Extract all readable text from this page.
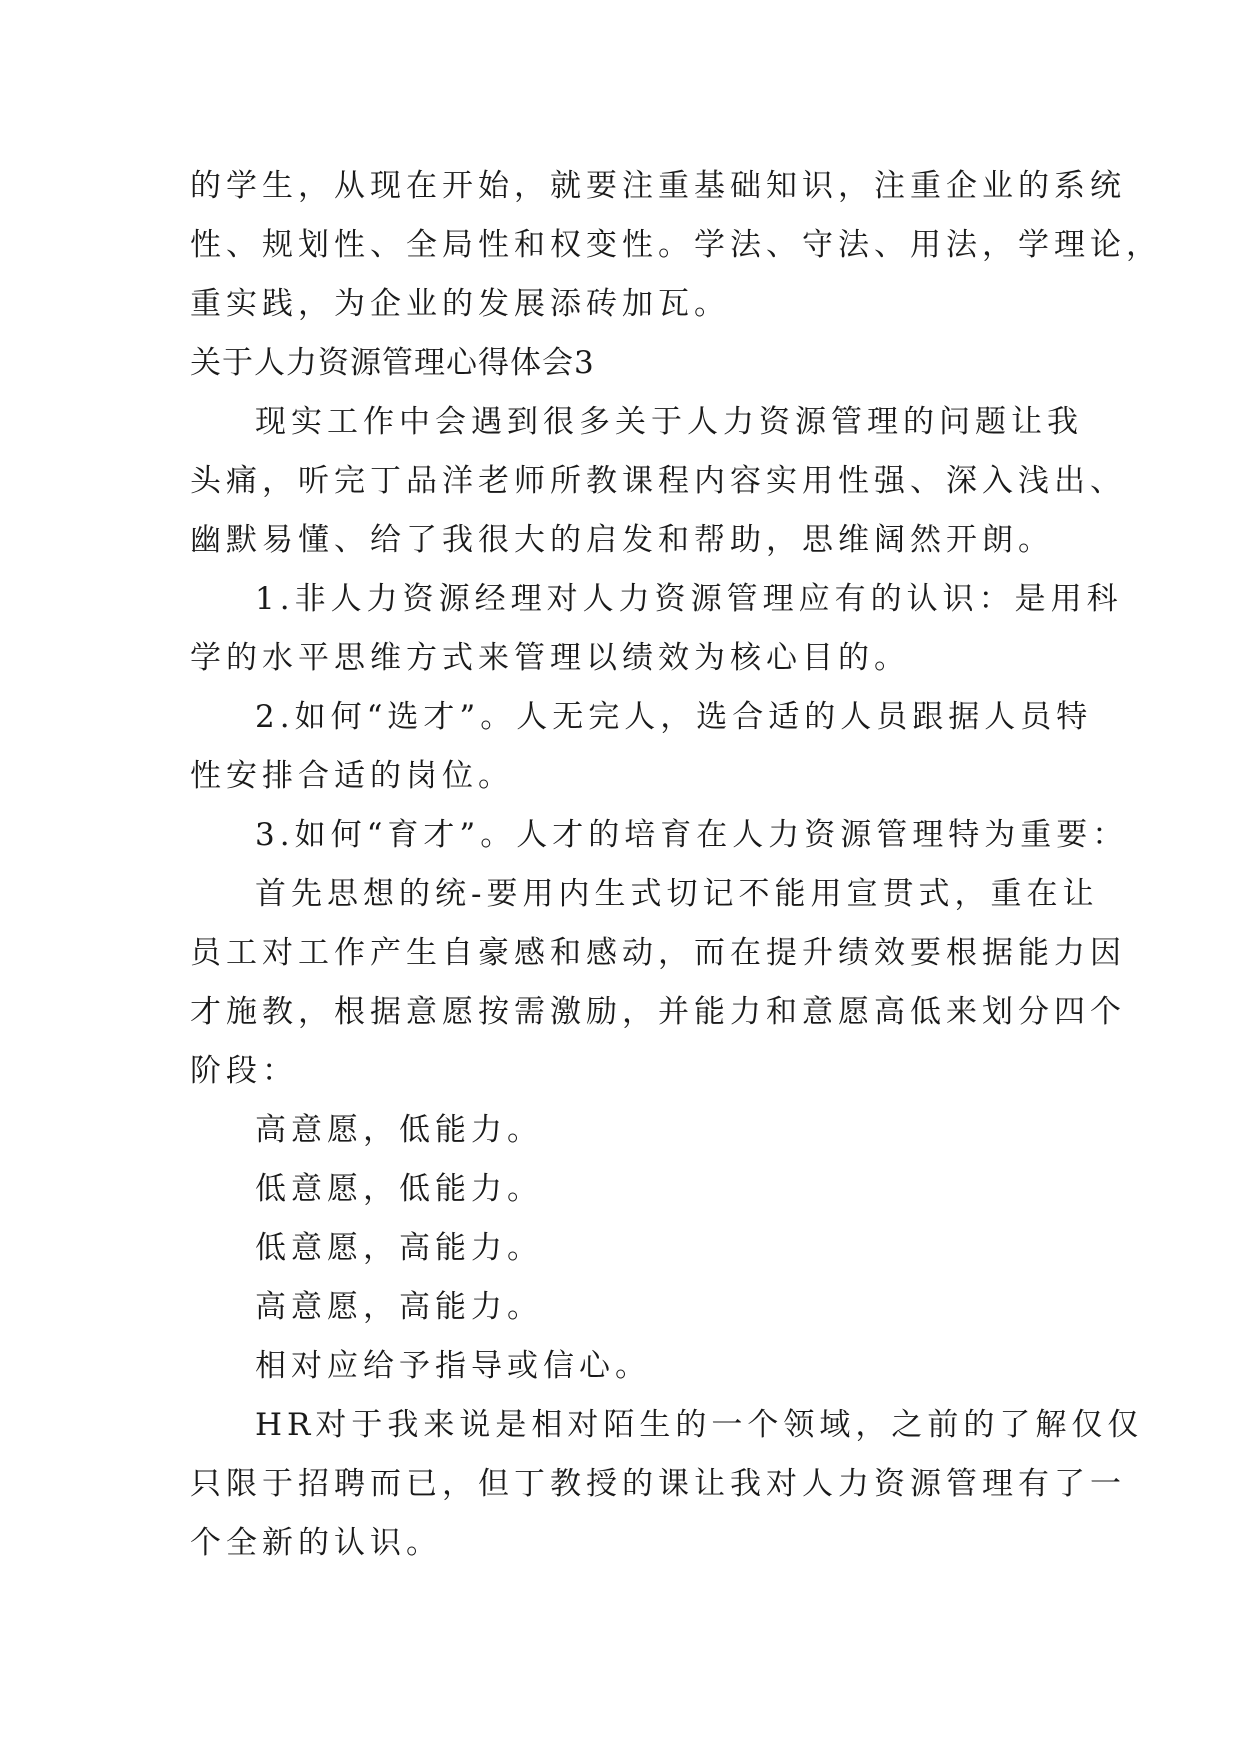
的学生，从现在开始，就要注重基础知识，注重企业的系统
性、规划性、全局性和权变性。学法、守法、用法，学理论，
重实践，为企业的发展添砖加瓦。
关于人力资源管理心得体会3
现实工作中会遇到很多关于人力资源管理的问题让我
头痛，听完丁品洋老师所教课程内容实用性强、深入浅出、
幽默易懂、给了我很大的启发和帮助，思维阔然开朗。
1.非人力资源经理对人力资源管理应有的认识：是用科
学的水平思维方式来管理以绩效为核心目的。
2.如何“选才”。人无完人，选合适的人员跟据人员特
性安排合适的岗位。
3.如何“育才”。人才的培育在人力资源管理特为重要：
首先思想的统-要用内生式切记不能用宣贯式，重在让
员工对工作产生自豪感和感动，而在提升绩效要根据能力因
才施教，根据意愿按需激励，并能力和意愿高低来划分四个
阶段：
高意愿，低能力。
低意愿，低能力。
低意愿，高能力。
高意愿，高能力。
相对应给予指导或信心。
HR对于我来说是相对陌生的一个领域，之前的了解仅仅
只限于招聘而已，但丁教授的课让我对人力资源管理有了一
个全新的认识。
